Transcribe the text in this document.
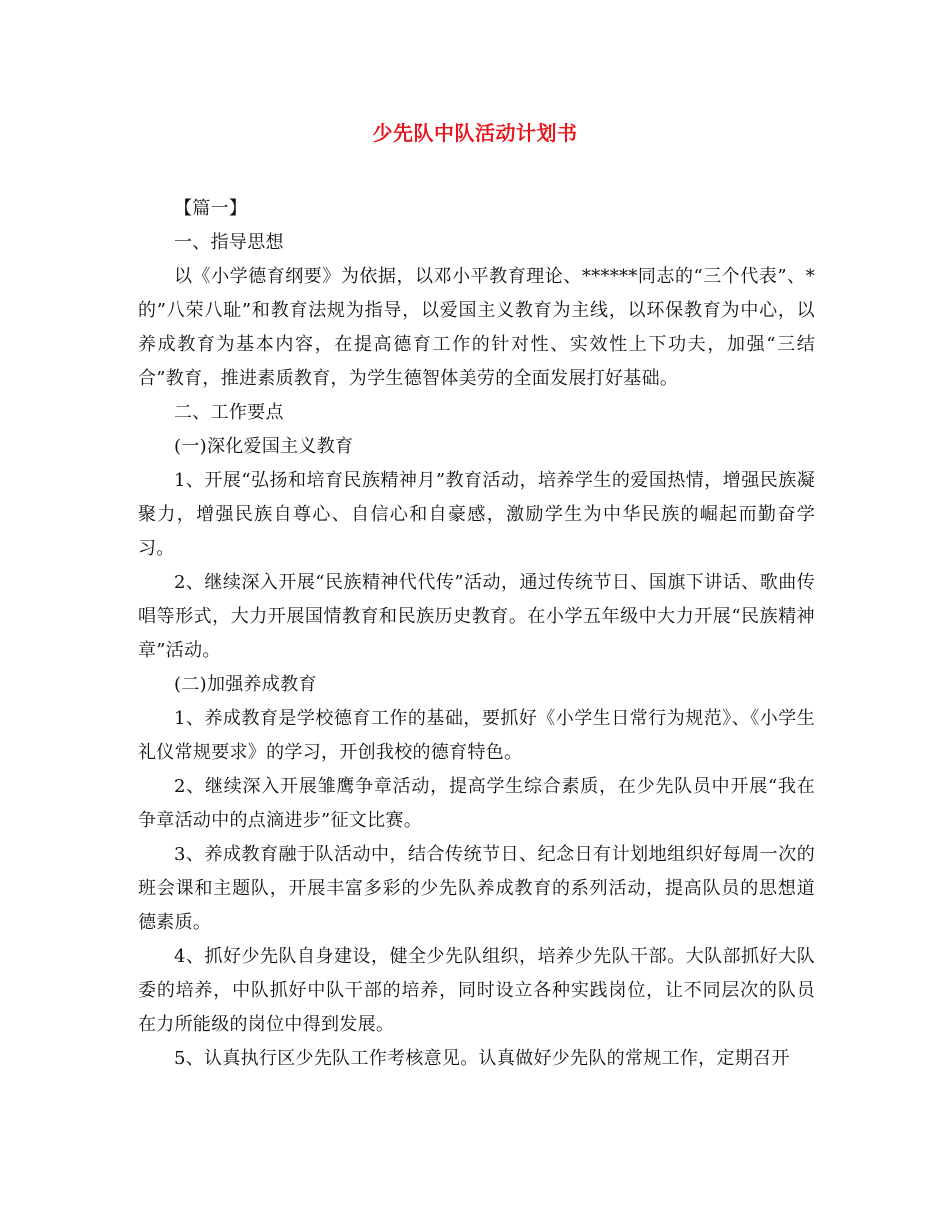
少先队中队活动计划书

【篇一】

一、指导思想

以《小学德育纲要》为依据，以邓小平教育理论、******同志的“三个代表”、*的”八荣八耻”和教育法规为指导，以爱国主义教育为主线，以环保教育为中心，以养成教育为基本内容，在提高德育工作的针对性、实效性上下功夫，加强“三结合”教育，推进素质教育，为学生德智体美劳的全面发展打好基础。

二、工作要点

(一)深化爱国主义教育

1、开展“弘扬和培育民族精神月”教育活动，培养学生的爱国热情，增强民族凝聚力，增强民族自尊心、自信心和自豪感，激励学生为中华民族的崛起而勤奋学习。

2、继续深入开展“民族精神代代传”活动，通过传统节日、国旗下讲话、歌曲传唱等形式，大力开展国情教育和民族历史教育。在小学五年级中大力开展“民族精神章”活动。

(二)加强养成教育

1、养成教育是学校德育工作的基础，要抓好《小学生日常行为规范》、《小学生礼仪常规要求》的学习，开创我校的德育特色。

2、继续深入开展雏鹰争章活动，提高学生综合素质，在少先队员中开展“我在争章活动中的点滴进步”征文比赛。

3、养成教育融于队活动中，结合传统节日、纪念日有计划地组织好每周一次的班会课和主题队，开展丰富多彩的少先队养成教育的系列活动，提高队员的思想道德素质。

4、抓好少先队自身建设，健全少先队组织，培养少先队干部。大队部抓好大队委的培养，中队抓好中队干部的培养，同时设立各种实践岗位，让不同层次的队员在力所能级的岗位中得到发展。

5、认真执行区少先队工作考核意见。认真做好少先队的常规工作，定期召开
